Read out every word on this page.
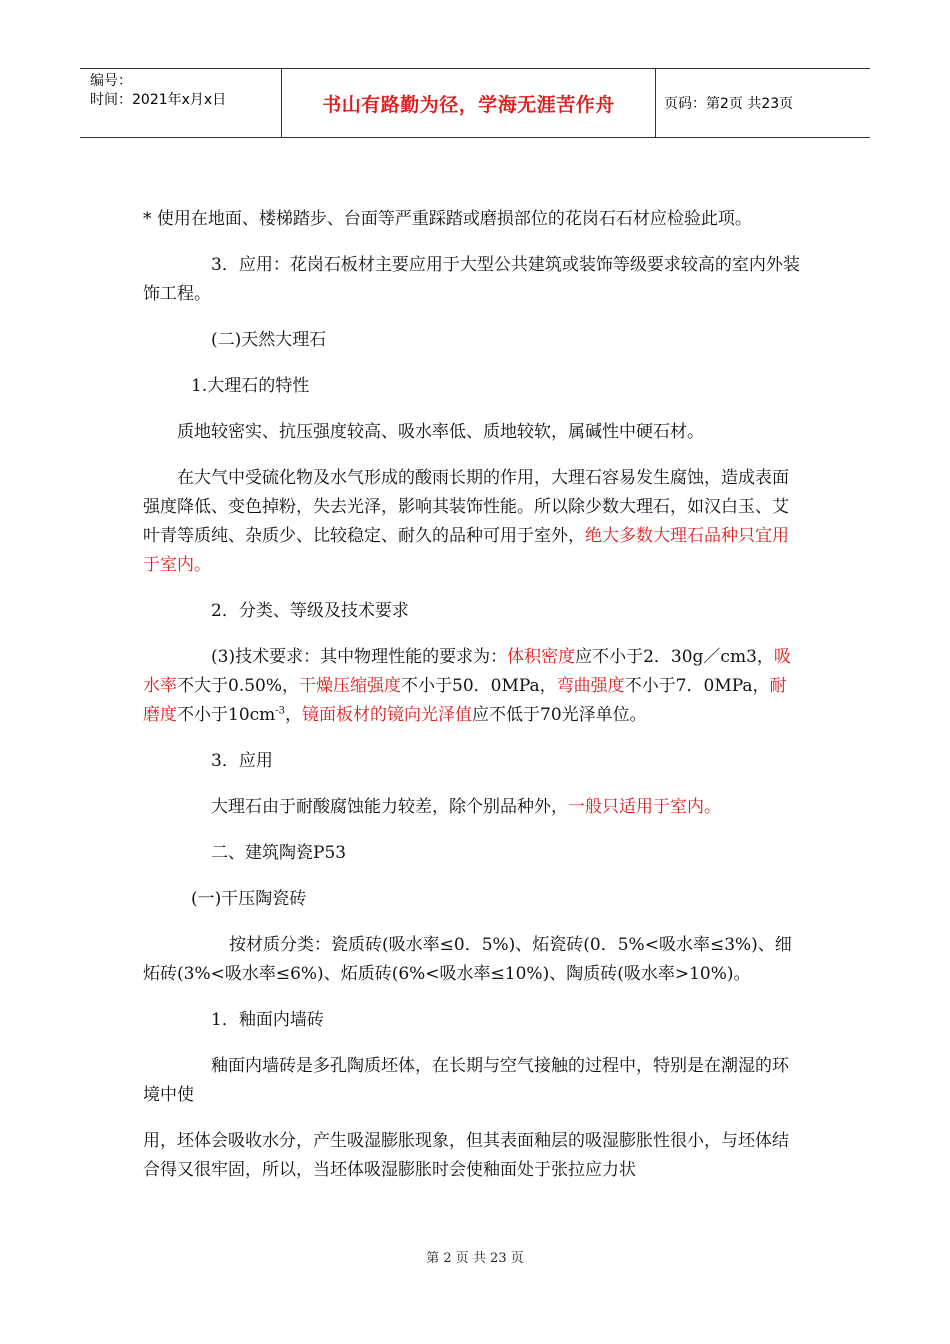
编号：
时间：2021年x月x日	书山有路勤为径，学海无涯苦作舟	页码：第2页 共23页

* 使用在地面、楼梯踏步、台面等严重踩踏或磨损部位的花岗石石材应检验此项。

3．应用：花岗石板材主要应用于大型公共建筑或装饰等级要求较高的室内外装饰工程。

(二)天然大理石

1.大理石的特性

质地较密实、抗压强度较高、吸水率低、质地较软，属碱性中硬石材。

在大气中受硫化物及水气形成的酸雨长期的作用，大理石容易发生腐蚀，造成表面强度降低、变色掉粉，失去光泽，影响其装饰性能。所以除少数大理石，如汉白玉、艾叶青等质纯、杂质少、比较稳定、耐久的品种可用于室外，绝大多数大理石品种只宜用于室内。

2．分类、等级及技术要求

(3)技术要求：其中物理性能的要求为：体积密度应不小于2．30g／cm3，吸水率不大于0.50%，干燥压缩强度不小于50．0MPa，弯曲强度不小于7．0MPa，耐磨度不小于$10cm^{-3}$，镜面板材的镜向光泽值应不低于70光泽单位。

3．应用

大理石由于耐酸腐蚀能力较差，除个别品种外，一般只适用于室内。

二、建筑陶瓷P53

(一)干压陶瓷砖

按材质分类：瓷质砖(吸水率≤0．5%)、炻瓷砖(0．5%<吸水率≤3%)、细炻砖(3%<吸水率≤6%)、炻质砖(6%<吸水率≤10%)、陶质砖(吸水率>10%)。

1．釉面内墙砖

釉面内墙砖是多孔陶质坯体，在长期与空气接触的过程中，特别是在潮湿的环境中使

用，坯体会吸收水分，产生吸湿膨胀现象，但其表面釉层的吸湿膨胀性很小，与坯体结合得又很牢固，所以，当坯体吸湿膨胀时会使釉面处于张拉应力状

第 2 页 共 23 页
